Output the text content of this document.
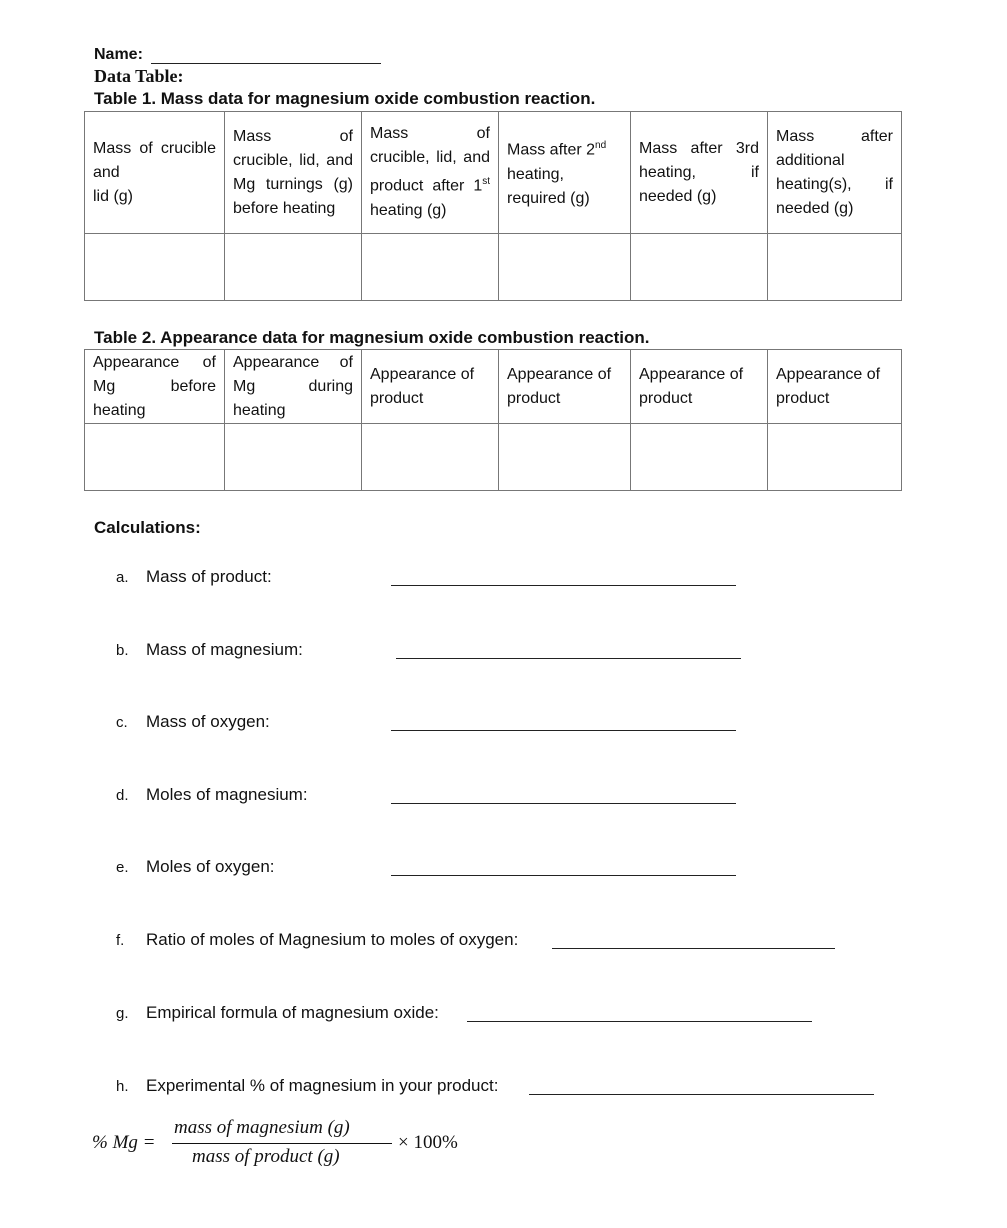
Name:
Data Table:
Table 1. Mass data for magnesium oxide combustion reaction.
Mass of crucible and
lid (g)	Mass of crucible, lid, and Mg turnings (g)
before heating	Mass of crucible, lid, and product after 1st
heating (g)	Mass after 2nd heating, required (g)	Mass after 3rd heating, if
needed (g)	Mass after additional heating(s), if
needed (g)

Table 2. Appearance data for magnesium oxide combustion reaction.
Appearance of Mg before
heating	Appearance of Mg during
heating	Appearance of product	Appearance of product	Appearance of product	Appearance of product

Calculations:
a.	Mass of product:
b.	Mass of magnesium:
c.	Mass of oxygen:
d.	Moles of magnesium:
e.	Moles of oxygen:
f.	Ratio of moles of Magnesium to moles of oxygen:
g.	Empirical formula of magnesium oxide:
h.	Experimental % of magnesium in your product:
% Mg =
mass of magnesium (g)
mass of product (g)
× 100%
